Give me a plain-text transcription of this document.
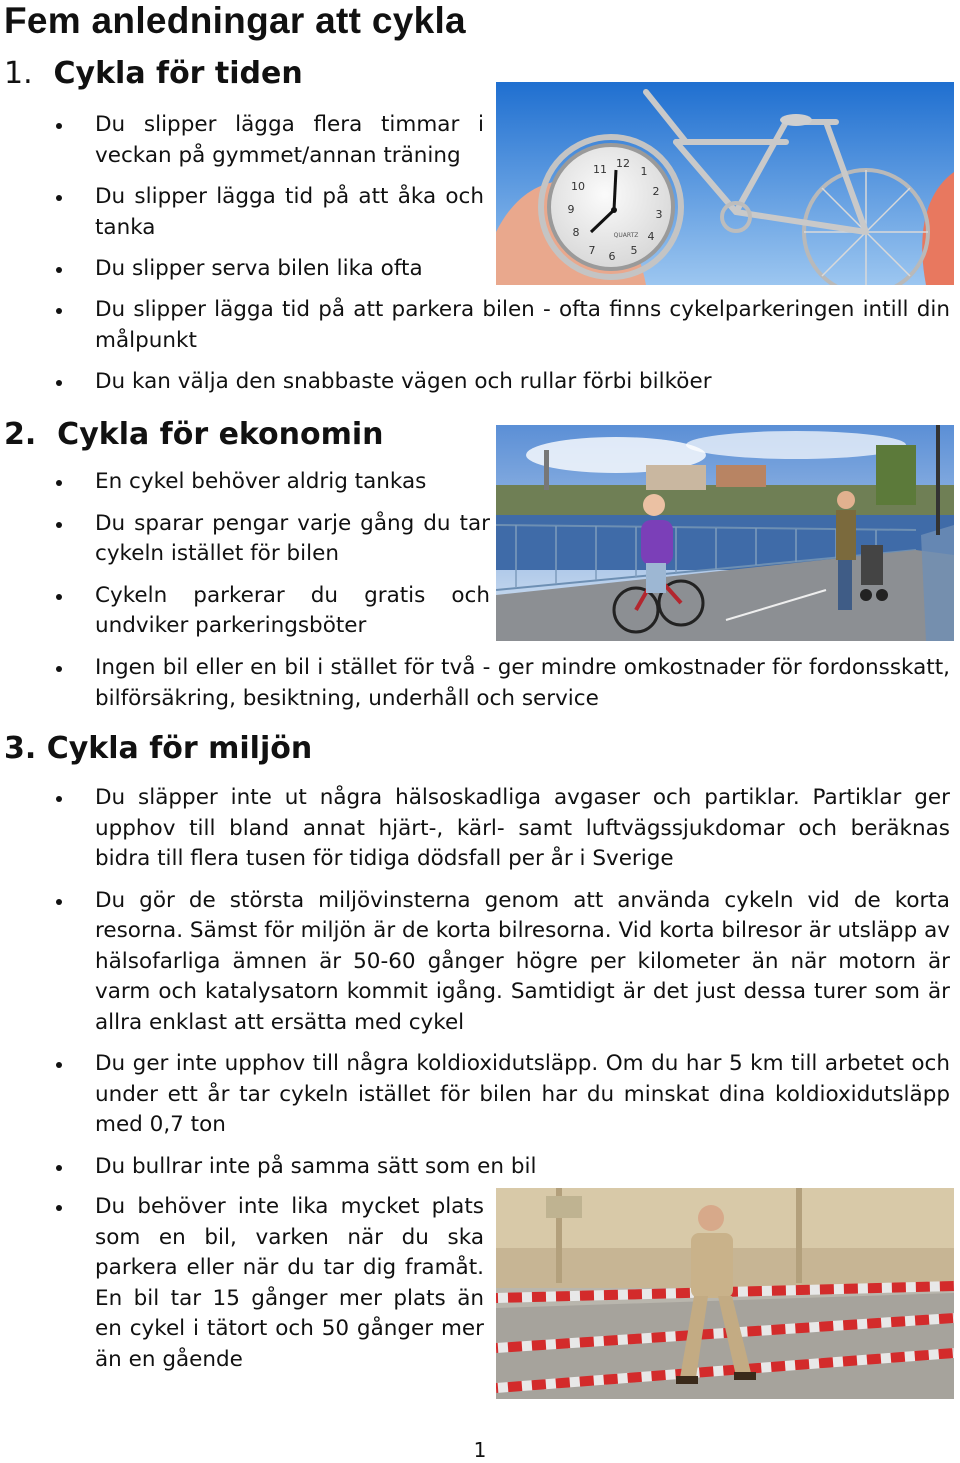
Fem anledningar att cykla
1. Cykla för tiden
Du slipper lägga flera timmar i veckan på gymmet/annan träning
Du slipper lägga tid på att åka och tanka
Du slipper serva bilen lika ofta
Du slipper lägga tid på att parkera bilen - ofta finns cykelparkeringen intill din målpunkt
Du kan välja den snabbaste vägen och rullar förbi bilköer
12
1
2
3
4
5
6
7
8
9
10
11
QUARTZ
2. Cykla för ekonomin
En cykel behöver aldrig tankas
Du sparar pengar varje gång du tar cykeln istället för bilen
Cykeln parkerar du gratis och undviker parkeringsböter
Ingen bil eller en bil i stället för två - ger mindre omkostnader för fordonsskatt, bilförsäkring, besiktning, underhåll och service
3. Cykla för miljön
Du släpper inte ut några hälsoskadliga avgaser och partiklar. Partiklar ger upphov till bland annat hjärt-, kärl- samt luftvägssjukdomar och beräknas bidra till flera tusen för tidiga dödsfall per år i Sverige
Du gör de största miljövinsterna genom att använda cykeln vid de korta resorna. Sämst för miljön är de korta bilresorna. Vid korta bilresor är utsläpp av hälsofarliga ämnen är 50-60 gånger högre per kilometer än när motorn är varm och katalysatorn kommit igång. Samtidigt är det just dessa turer som är allra enklast att ersätta med cykel
Du ger inte upphov till några koldioxidutsläpp. Om du har 5 km till arbetet och under ett år tar cykeln istället för bilen har du minskat dina koldioxidutsläpp med 0,7 ton
Du bullrar inte på samma sätt som en bil
Du behöver inte lika mycket plats som en bil, varken när du ska parkera eller när du tar dig framåt. En bil tar 15 gånger mer plats än en cykel i tätort och 50 gånger mer än en gående
1
